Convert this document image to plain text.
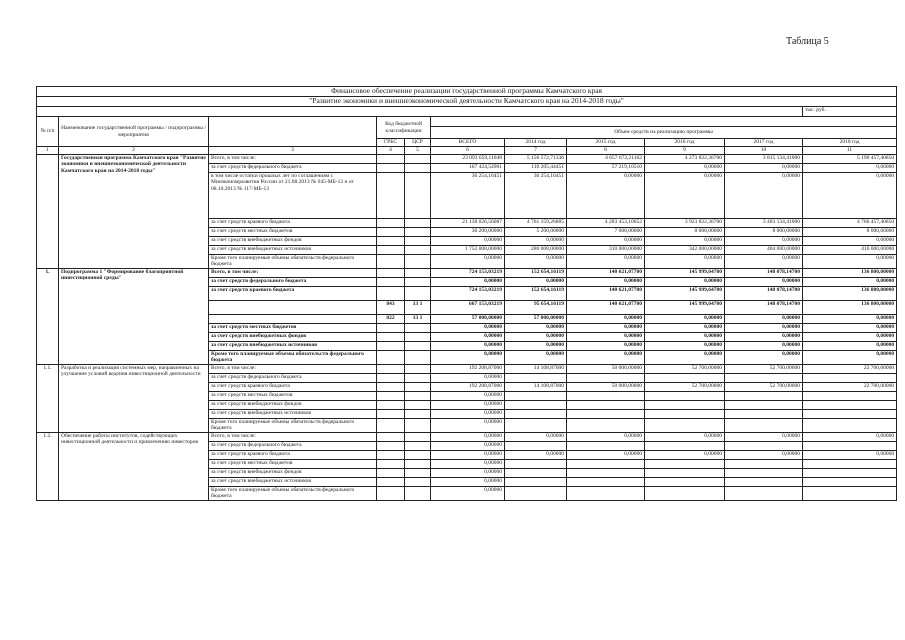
Таблица 5
Финансовое обеспечение реализации государственной программы Камчатского края										
"Развитие экономики и внешнеэкономической деятельности Камчатского края на 2014-2018 годы"										
										тыс. руб.
№ п/п	Наименование государственной программы / подпрограммы / мероприятия		Код бюджетной классификации							
					Объем средств на реализацию программы					
			ГРБС	ЦСР	ВСЕГО	2014 год	2015 год	2016 год	2017 год	2018 год
1	2	3	4	5	6	7	8	9	10	11
	Государственная программа Камчатского края "Развитие экономики и внешнеэкономической деятельности Камчатского края на 2014-2018 годы"	Всего, в том числе:			23 093 659,11048	5 156 572,71336	4 657 672,21162	4 273 822,36700	3 815 134,41000	5 190 457,40850
		за счет средств федерального бюджета			167 424,54961	110 205,44451	57 219,10510	0,00000	0,00000	0,00000
		в том числе остатки прошлых лет по соглашениям с Минэкономразвития России от 21.08.2013 № 045-МБ-13 и от 08.10.2013 № 117-МБ-13			36 254,16451	36 254,16451	0,00000	0,00000	0,00000	0,00000
		за счет средств краевого бюджета			21 138 026,56087	4 761 159,26885	4 283 453,10652	3 923 822,36700	3 403 134,41000	4 766 457,40850
		за счет средств местных бюджетов			36 200,00000	5 200,00000	7 000,00000	8 000,00000	8 000,00000	8 000,00000
		за счет средств внебюджетных фондов			0,00000	0,00000	0,00000	0,00000	0,00000	0,00000
		за счет средств внебюджетных источников			1 752 008,00000	280 008,00000	310 000,00000	342 000,00000	404 000,00000	416 000,00000
		Кроме того планируемые объемы обязательств федерального бюджета			0,00000	0,00000	0,00000	0,00000	0,00000	0,00000
1.	Подпрограмма 1 "Формирование благоприятной инвестиционной среды"	Всего, в том числе:			724 153,03219	152 654,16119	140 621,07700	145 999,64700	148 078,14700	136 800,00000
		за счет средств федерального бюджета			0,00000	0,00000	0,00000	0,00000	0,00000	0,00000
		за счет средств краевого бюджета			724 153,03219	152 654,16119	140 621,07700	145 999,64700	148 078,14700	136 800,00000
			843	13 1	667 153,03219	95 654,16119	140 621,07700	145 999,64700	148 078,14700	136 800,00000
			822	13 1	57 000,00000	57 000,00000	0,00000	0,00000	0,00000	0,00000
		за счет средств местных бюджетов			0,00000	0,00000	0,00000	0,00000	0,00000	0,00000
		за счет средств внебюджетных фондов			0,00000	0,00000	0,00000	0,00000	0,00000	0,00000
		за счет средств внебюджетных источников			0,00000	0,00000	0,00000	0,00000	0,00000	0,00000
		Кроме того планируемые объемы обязательств федерального бюджета			0,00000	0,00000	0,00000	0,00000	0,00000	0,00000
1.1.	Разработка и реализация системных мер, направленных на улучшение условий ведения инвестиционной деятельности	Всего, в том числе:			192 208,87000	14 108,87000	50 000,00000	52 700,00000	52 700,00000	22 700,00000
		за счет средств федерального бюджета			0,00000					
		за счет средств краевого бюджета			192 208,87000	14 108,87000	50 000,00000	52 700,00000	52 700,00000	22 700,00000
		за счет средств местных бюджетов			0,00000					
		за счет средств внебюджетных фондов			0,00000					
		за счет средств внебюджетных источников			0,00000					
		Кроме того планируемые объемы обязательств федерального бюджета			0,00000					
1.2.	Обеспечение работы институтов, содействующих инвестиционной деятельности и привлечению инвесторов	Всего, в том числе:			0,00000	0,00000	0,00000	0,00000	0,00000	0,00000
		за счет средств федерального бюджета			0,00000					
		за счет средств краевого бюджета			0,00000	0,00000	0,00000	0,00000	0,00000	0,00000
		за счет средств местных бюджетов			0,00000					
		за счет средств внебюджетных фондов			0,00000					
		за счет средств внебюджетных источников			0,00000					
		Кроме того планируемые объемы обязательств федерального бюджета			0,00000					
